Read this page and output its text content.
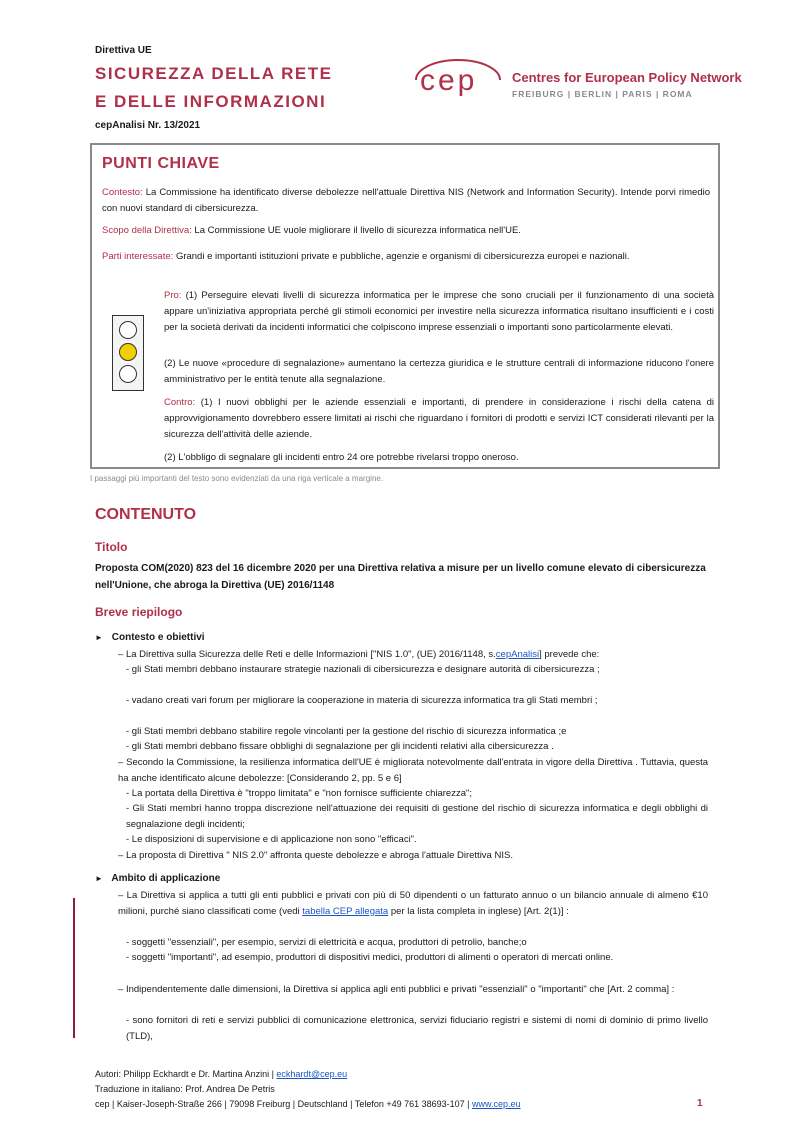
Direttiva UE
SICUREZZA DELLA RETE
E DELLE INFORMAZIONI
cepAnalisi Nr. 13/2021
cep	Centres for European Policy Network
FREIBURG | BERLIN | PARIS | ROMA
PUNTI CHIAVE
Contesto: La Commissione ha identificato diverse debolezze nell'attuale Direttiva NIS (Network and Information Security). Intende porvi rimedio con nuovi standard di cibersicurezza.
Scopo della Direttiva: La Commissione UE vuole migliorare il livello di sicurezza informatica nell'UE.
Parti interessate: Grandi e importanti istituzioni private e pubbliche, agenzie e organismi di cibersicurezza europei e nazionali.
Pro: (1) Perseguire elevati livelli di sicurezza informatica per le imprese che sono cruciali per il funzionamento di una società appare un'iniziativa appropriata perché gli stimoli economici per investire nella sicurezza informatica risultano insufficienti e i costi per la società derivati da incidenti informatici che colpiscono imprese essenziali o importanti sono particolarmente elevati.
(2) Le nuove «procedure di segnalazione» aumentano la certezza giuridica e le strutture centrali di informazione riducono l'onere amministrativo per le entità tenute alla segnalazione.
Contro: (1) I nuovi obblighi per le aziende essenziali e importanti, di prendere in considerazione i rischi della catena di approvvigionamento dovrebbero essere limitati ai rischi che riguardano i fornitori di prodotti e servizi ICT considerati rilevanti per la sicurezza dell'attività delle aziende.
(2) L'obbligo di segnalare gli incidenti entro 24 ore potrebbe rivelarsi troppo oneroso.
I passaggi più importanti del testo sono evidenziati da una riga verticale a margine.
CONTENUTO
Titolo
Proposta COM(2020) 823 del 16 dicembre 2020 per una Direttiva relativa a misure per un livello comune elevato di cibersicurezza nell'Unione, che abroga la Direttiva (UE) 2016/1148
Breve riepilogo
► Contesto e obiettivi
– La Direttiva sulla Sicurezza delle Reti e delle Informazioni ["NIS 1.0", (UE) 2016/1148, s.cepAnalisi] prevede che:
- gli Stati membri debbano instaurare strategie nazionali di cibersicurezza e designare autorità di cibersicurezza ;
- vadano creati vari forum per migliorare la cooperazione in materia di sicurezza informatica tra gli Stati membri ;
- gli Stati membri debbano stabilire regole vincolanti per la gestione del rischio di sicurezza informatica ;e
- gli Stati membri debbano fissare obblighi di segnalazione per gli incidenti relativi alla cibersicurezza .
– Secondo la Commissione, la resilienza informatica dell'UE è migliorata notevolmente dall'entrata in vigore della Direttiva . Tuttavia, questa ha anche identificato alcune debolezze: [Considerando 2, pp. 5 e 6]
- La portata della Direttiva è "troppo limitata" e "non fornisce sufficiente chiarezza";
- Gli Stati membri hanno troppa discrezione nell'attuazione dei requisiti di gestione del rischio di sicurezza informatica e degli obblighi di segnalazione degli incidenti;
- Le disposizioni di supervisione e di applicazione non sono "efficaci".
– La proposta di Direttiva " NIS 2.0" affronta queste debolezze e abroga l'attuale Direttiva NIS.
► Ambito di applicazione
– La Direttiva si applica a tutti gli enti pubblici e privati con più di 50 dipendenti o un fatturato annuo o un bilancio annuale di almeno €10 milioni, purché siano classificati come (vedi tabella CEP allegata per la lista completa in inglese) [Art. 2(1)] :
- soggetti "essenziali", per esempio, servizi di elettricità e acqua, produttori di petrolio, banche;o
- soggetti "importanti", ad esempio, produttori di dispositivi medici, produttori di alimenti o operatori di mercati online.
– Indipendentemente dalle dimensioni, la Direttiva si applica agli enti pubblici e privati "essenziali" o "importanti" che [Art. 2 comma] :
- sono fornitori di reti e servizi pubblici di comunicazione elettronica, servizi fiduciario registri e sistemi di nomi di dominio di primo livello (TLD),
Autori: Philipp Eckhardt e Dr. Martina Anzini | eckhardt@cep.eu
Traduzione in italiano: Prof. Andrea De Petris
cep | Kaiser-Joseph-Straße 266 | 79098 Freiburg | Deutschland | Telefon +49 761 38693-107 | www.cep.eu	1
